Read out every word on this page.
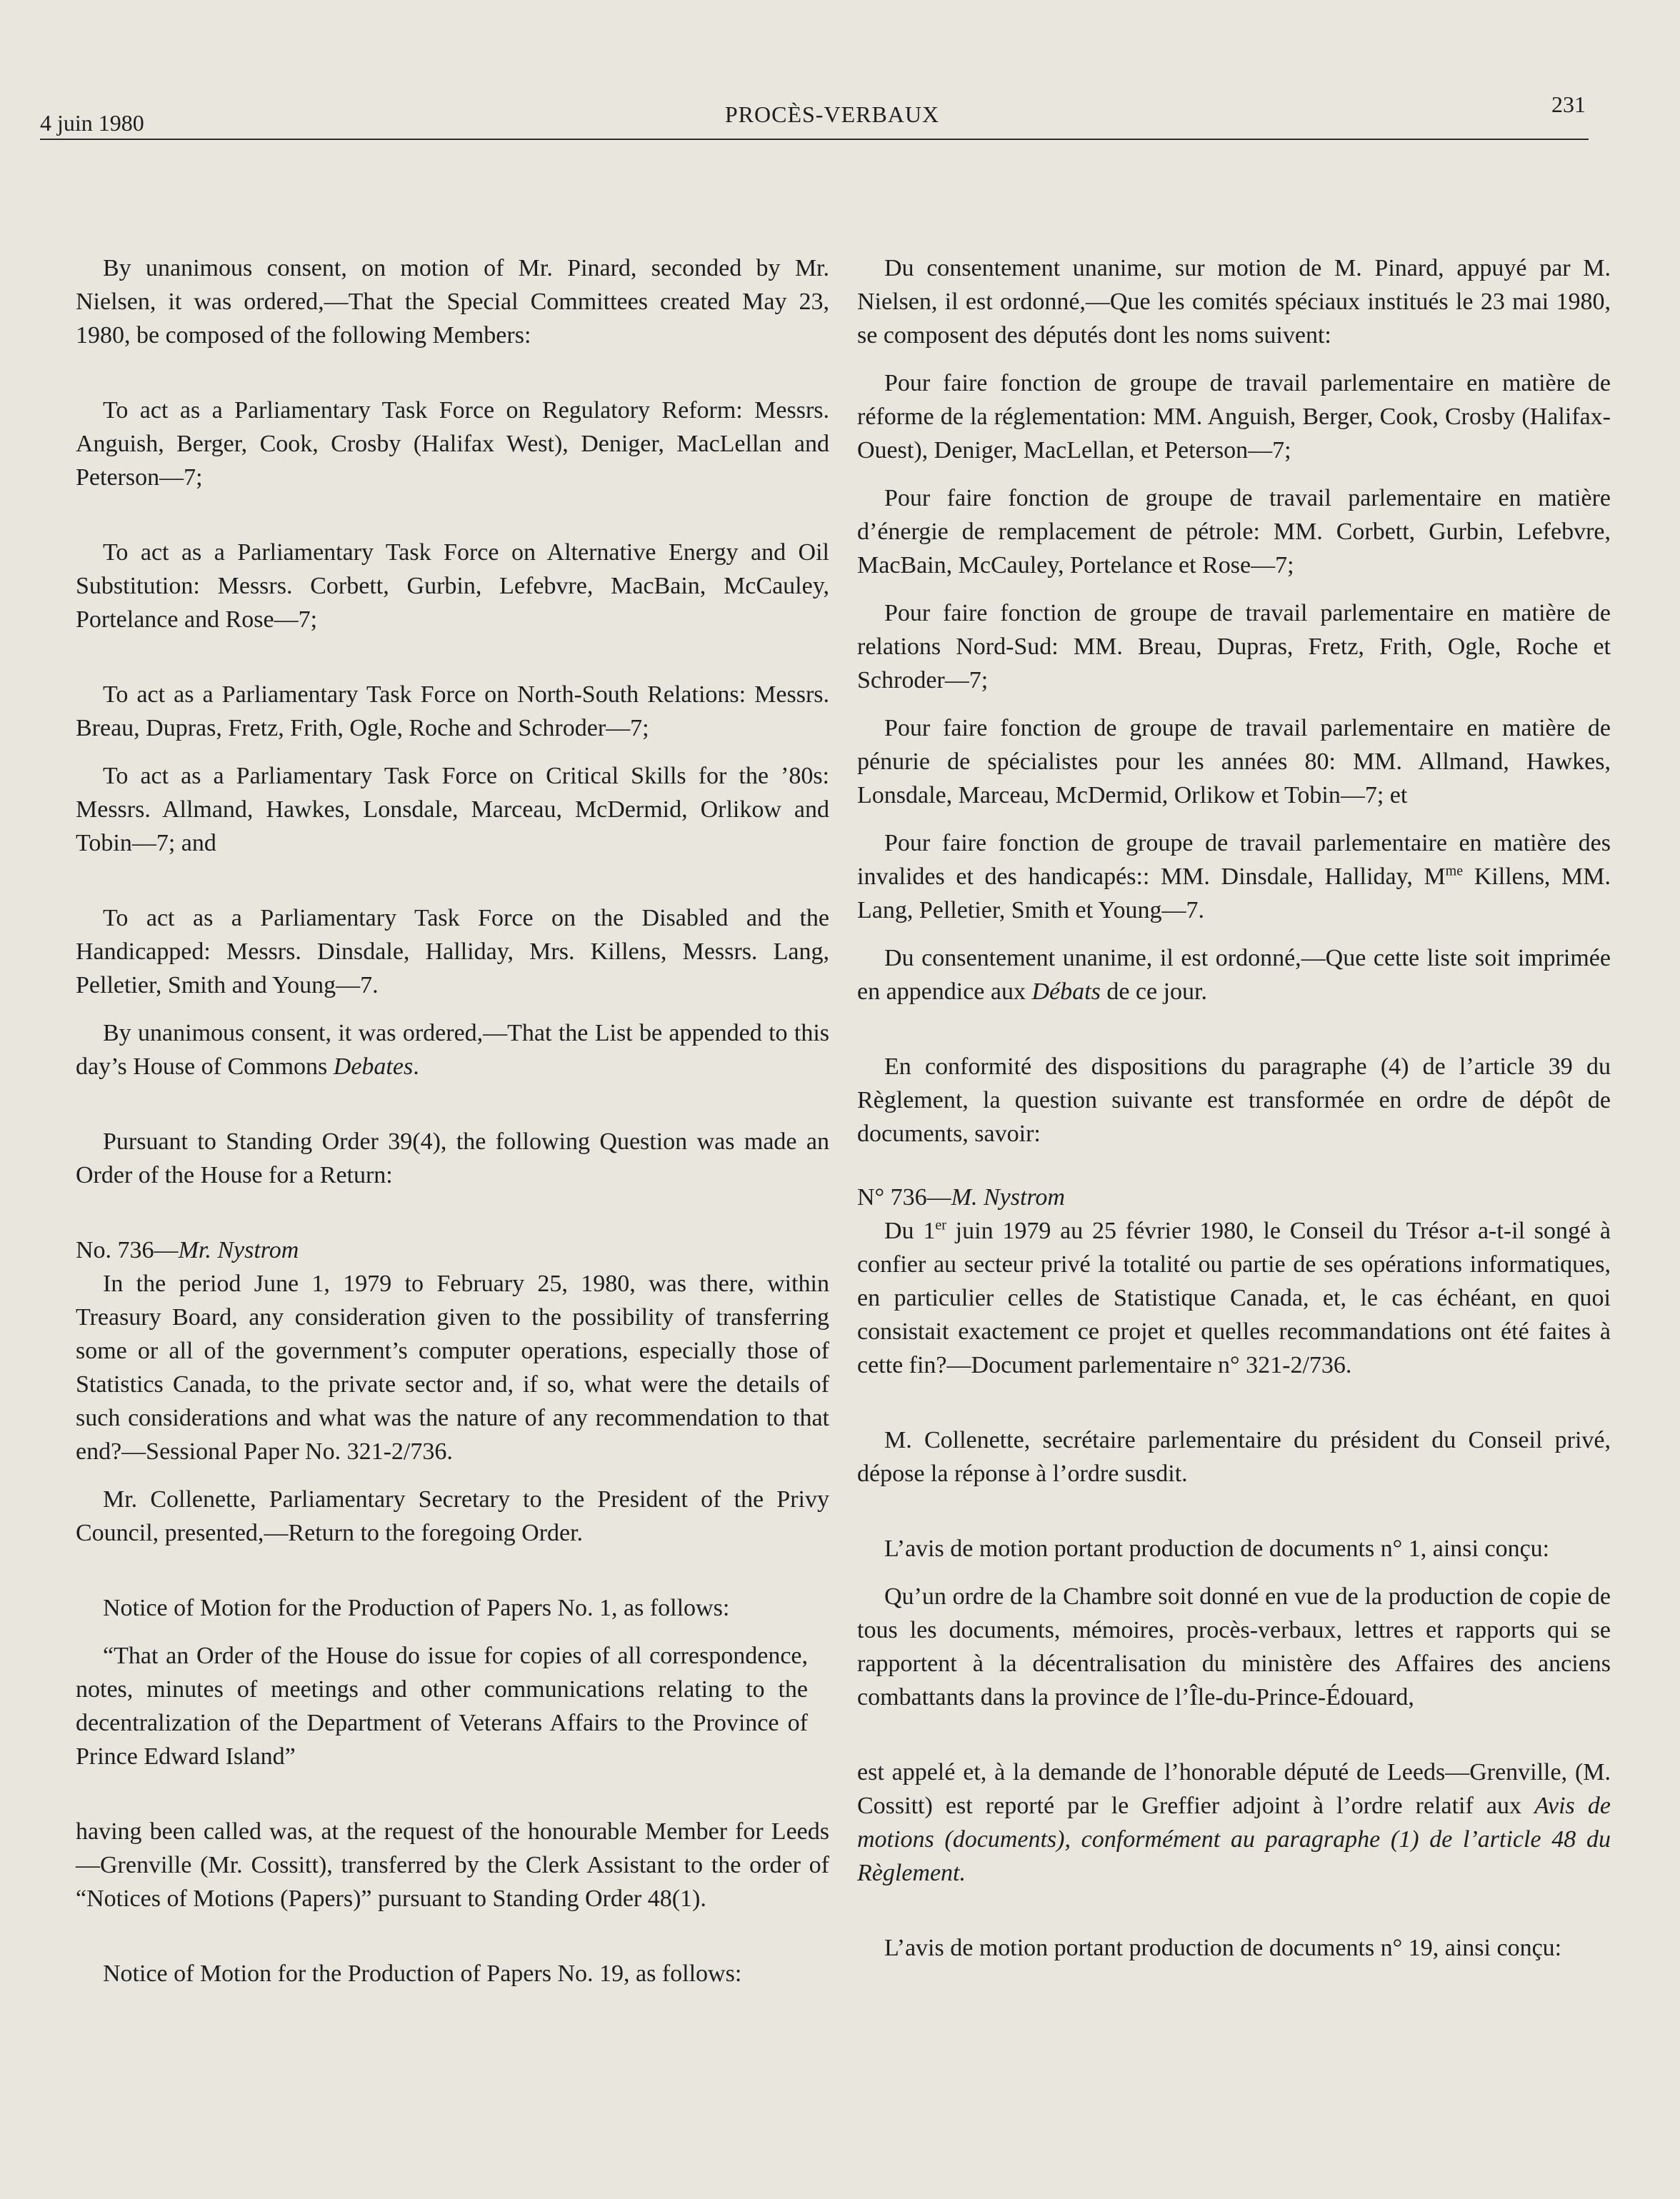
4 juin 1980	PROCÈS-VERBAUX	231

By unanimous consent, on motion of Mr. Pinard, seconded by Mr. Nielsen, it was ordered,—That the Special Committees created May 23, 1980, be composed of the following Members:

To act as a Parliamentary Task Force on Regulatory Reform: Messrs. Anguish, Berger, Cook, Crosby (Halifax West), Deniger, MacLellan and Peterson—7;

To act as a Parliamentary Task Force on Alternative Energy and Oil Substitution: Messrs. Corbett, Gurbin, Lefebvre, MacBain, McCauley, Portelance and Rose—7;

To act as a Parliamentary Task Force on North-South Relations: Messrs. Breau, Dupras, Fretz, Frith, Ogle, Roche and Schroder—7;

To act as a Parliamentary Task Force on Critical Skills for the ’80s: Messrs. Allmand, Hawkes, Lonsdale, Marceau, McDermid, Orlikow and Tobin—7; and

To act as a Parliamentary Task Force on the Disabled and the Handicapped: Messrs. Dinsdale, Halliday, Mrs. Killens, Messrs. Lang, Pelletier, Smith and Young—7.

By unanimous consent, it was ordered,—That the List be appended to this day’s House of Commons Debates.

Pursuant to Standing Order 39(4), the following Question was made an Order of the House for a Return:

No. 736—Mr. Nystrom

In the period June 1, 1979 to February 25, 1980, was there, within Treasury Board, any consideration given to the possibility of transferring some or all of the government’s computer operations, especially those of Statistics Canada, to the private sector and, if so, what were the details of such considerations and what was the nature of any recommendation to that end?—Sessional Paper No. 321-2/736.

Mr. Collenette, Parliamentary Secretary to the President of the Privy Council, presented,—Return to the foregoing Order.

Notice of Motion for the Production of Papers No. 1, as follows:

“That an Order of the House do issue for copies of all correspondence, notes, minutes of meetings and other communications relating to the decentralization of the Department of Veterans Affairs to the Province of Prince Edward Island”

having been called was, at the request of the honourable Member for Leeds—Grenville (Mr. Cossitt), transferred by the Clerk Assistant to the order of “Notices of Motions (Papers)” pursuant to Standing Order 48(1).

Notice of Motion for the Production of Papers No. 19, as follows:

Du consentement unanime, sur motion de M. Pinard, appuyé par M. Nielsen, il est ordonné,—Que les comités spéciaux institués le 23 mai 1980, se composent des députés dont les noms suivent:

Pour faire fonction de groupe de travail parlementaire en matière de réforme de la réglementation: MM. Anguish, Berger, Cook, Crosby (Halifax-Ouest), Deniger, MacLellan, et Peterson—7;

Pour faire fonction de groupe de travail parlementaire en matière d’énergie de remplacement de pétrole: MM. Corbett, Gurbin, Lefebvre, MacBain, McCauley, Portelance et Rose—7;

Pour faire fonction de groupe de travail parlementaire en matière de relations Nord-Sud: MM. Breau, Dupras, Fretz, Frith, Ogle, Roche et Schroder—7;

Pour faire fonction de groupe de travail parlementaire en matière de pénurie de spécialistes pour les années 80: MM. Allmand, Hawkes, Lonsdale, Marceau, McDermid, Orlikow et Tobin—7; et

Pour faire fonction de groupe de travail parlementaire en matière des invalides et des handicapés:: MM. Dinsdale, Halliday, $M^{me}$ Killens, MM. Lang, Pelletier, Smith et Young—7.

Du consentement unanime, il est ordonné,—Que cette liste soit imprimée en appendice aux Débats de ce jour.

En conformité des dispositions du paragraphe (4) de l’article 39 du Règlement, la question suivante est transformée en ordre de dépôt de documents, savoir:

N° 736—M. Nystrom

Du 1er juin 1979 au 25 février 1980, le Conseil du Trésor a-t-il songé à confier au secteur privé la totalité ou partie de ses opérations informatiques, en particulier celles de Statistique Canada, et, le cas échéant, en quoi consistait exactement ce projet et quelles recommandations ont été faites à cette fin?—Document parlementaire n° 321-2/736.

M. Collenette, secrétaire parlementaire du président du Conseil privé, dépose la réponse à l’ordre susdit.

L’avis de motion portant production de documents n° 1, ainsi conçu:

Qu’un ordre de la Chambre soit donné en vue de la production de copie de tous les documents, mémoires, procès-verbaux, lettres et rapports qui se rapportent à la décentralisation du ministère des Affaires des anciens combattants dans la province de l’Île-du-Prince-Édouard,

est appelé et, à la demande de l’honorable député de Leeds—Grenville, (M. Cossitt) est reporté par le Greffier adjoint à l’ordre relatif aux Avis de motions (documents), conformément au paragraphe (1) de l’article 48 du Règlement.

L’avis de motion portant production de documents n° 19, ainsi conçu:
